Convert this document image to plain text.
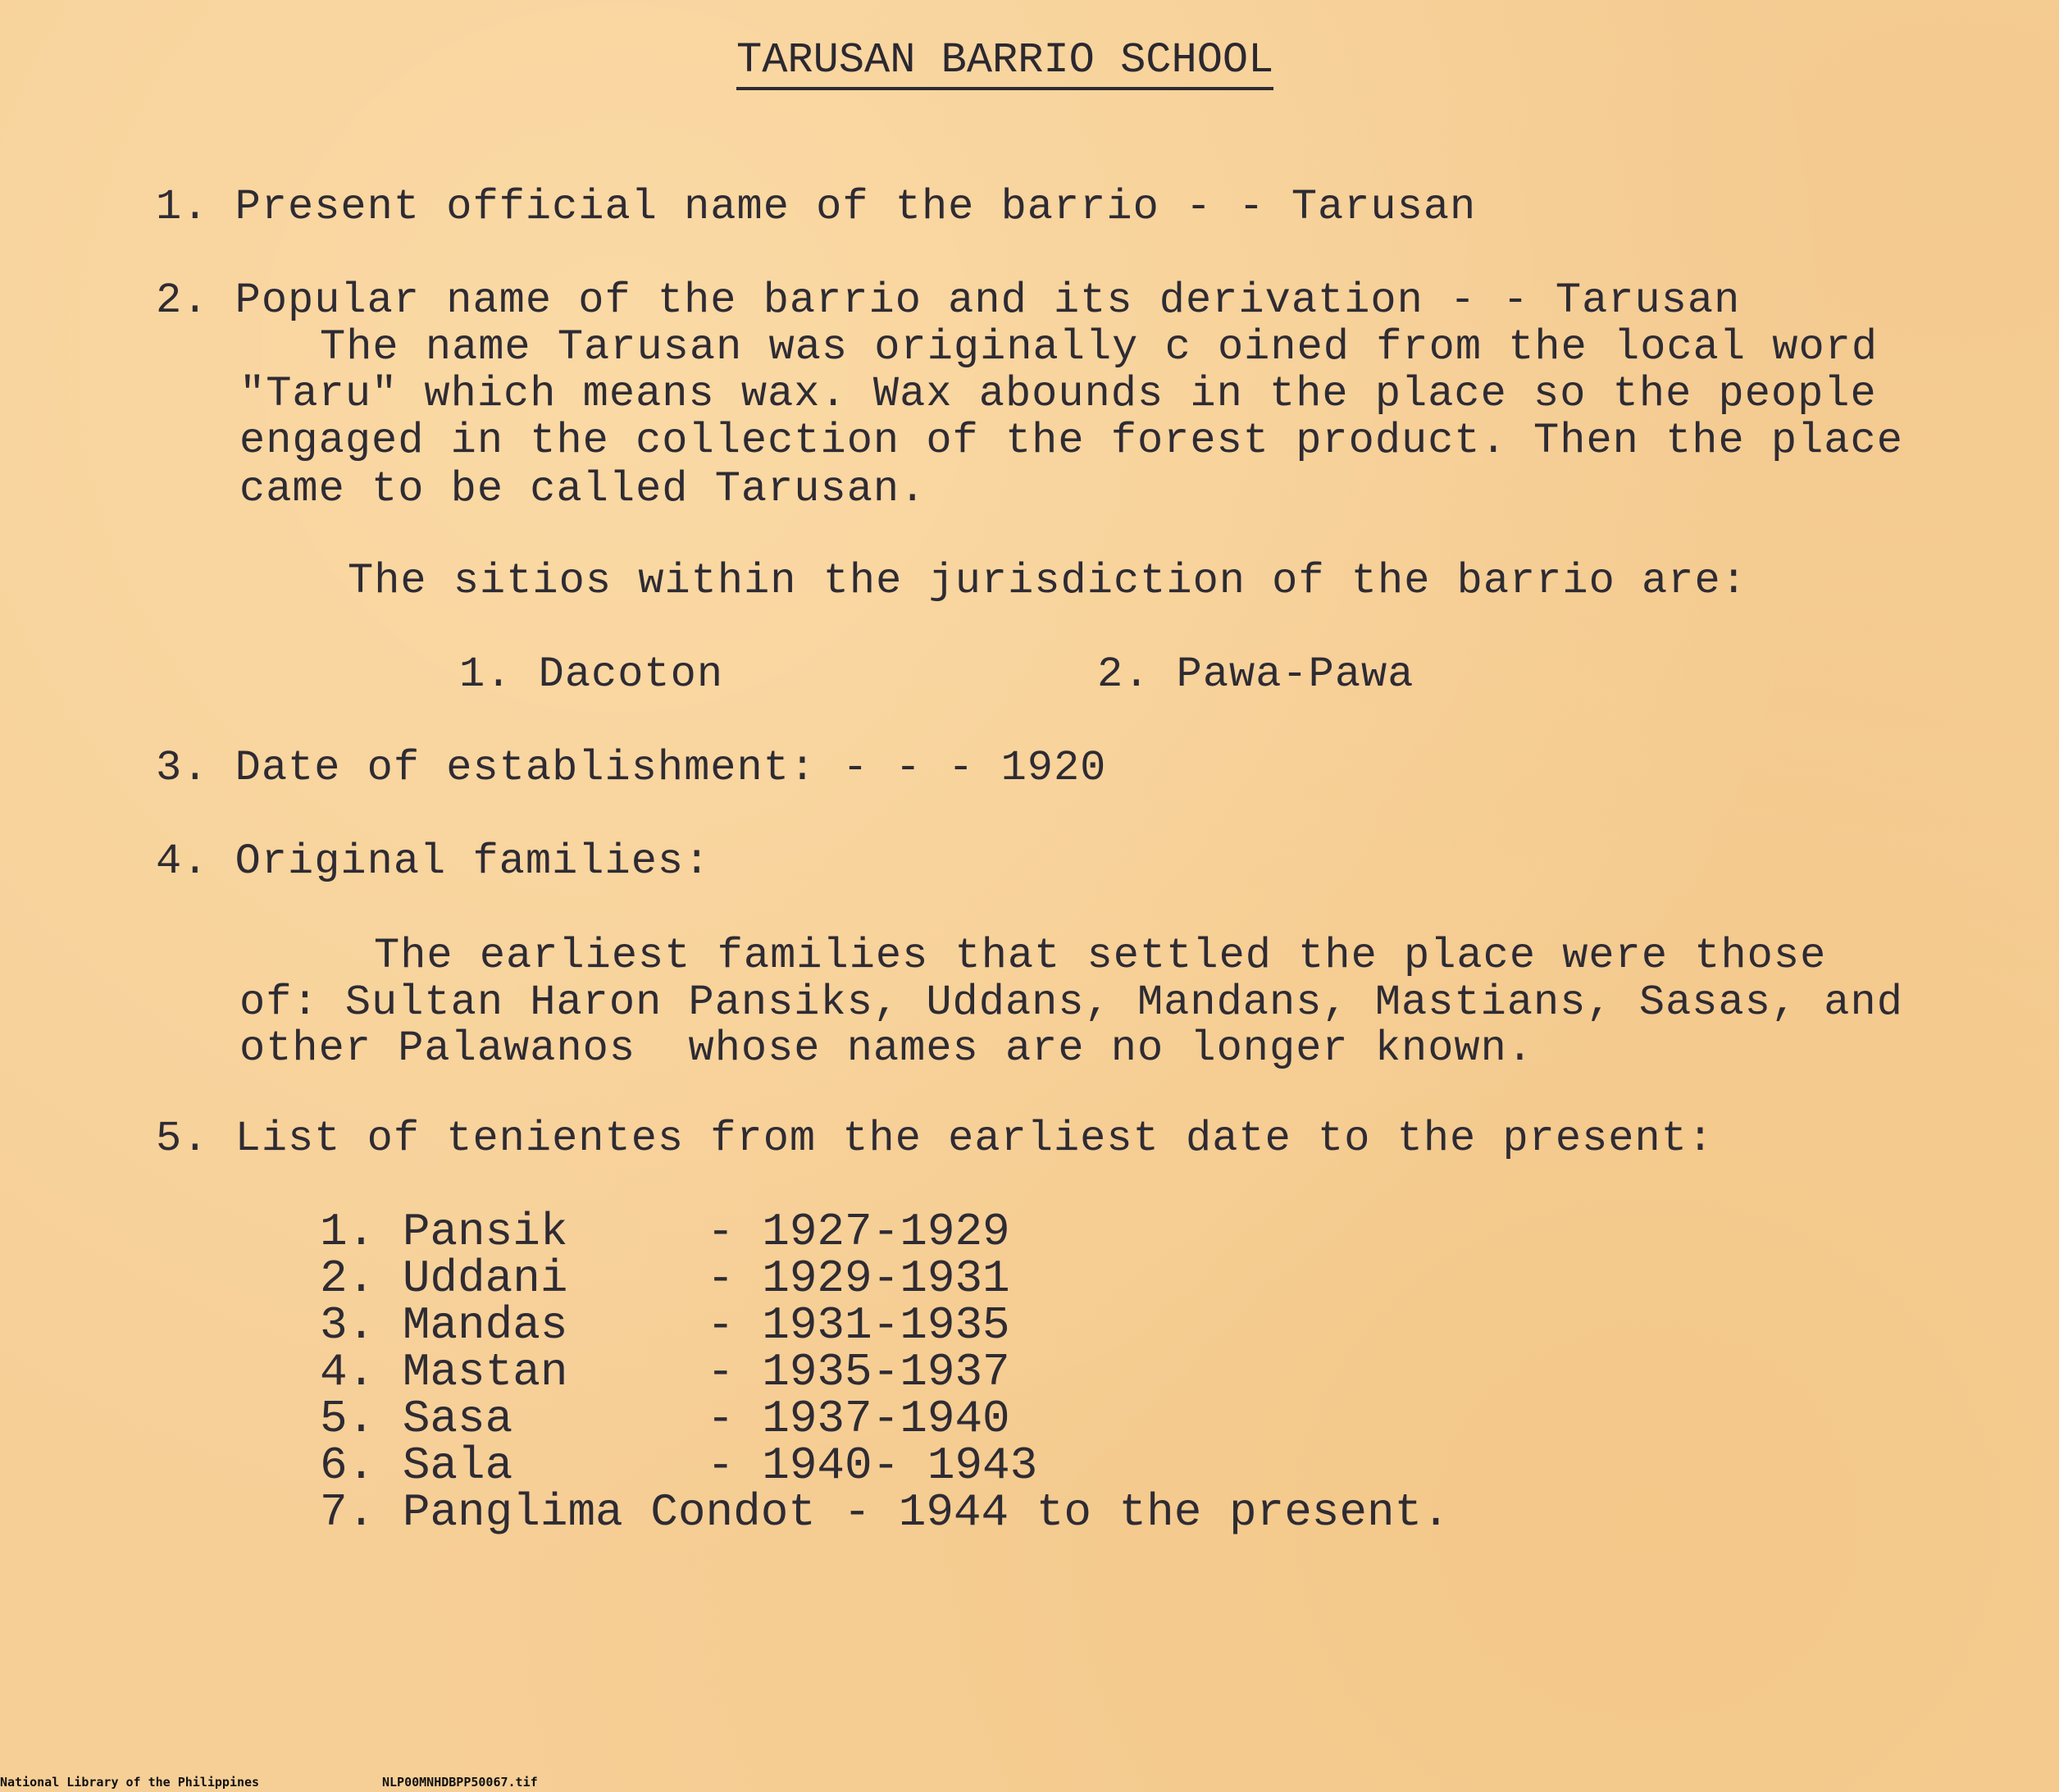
TARUSAN BARRIO SCHOOL
1. Present official name of the barrio - - Tarusan
2. Popular name of the barrio and its derivation - - Tarusan
The name Tarusan was originally c oined from the local word
"Taru" which means wax. Wax abounds in the place so the people
engaged in the collection of the forest product. Then the place
came to be called Tarusan.
The sitios within the jurisdiction of the barrio are:
1. Dacoton	2. Pawa-Pawa
3. Date of establishment: - - - 1920
4. Original families:
The earliest families that settled the place were those
of: Sultan Haron Pansiks, Uddans, Mandans, Mastians, Sasas, and
other Palawanos  whose names are no longer known.
5. List of tenientes from the earliest date to the present:
1. Pansik	- 1927-1929
2. Uddani	- 1929-1931
3. Mandas	- 1931-1935
4. Mastan	- 1935-1937
5. Sasa	- 1937-1940
6. Sala	- 1940- 1943
7. Panglima Condot - 1944 to the present.
National Library of the Philippines	NLP00MNHDBPP50067.tif
